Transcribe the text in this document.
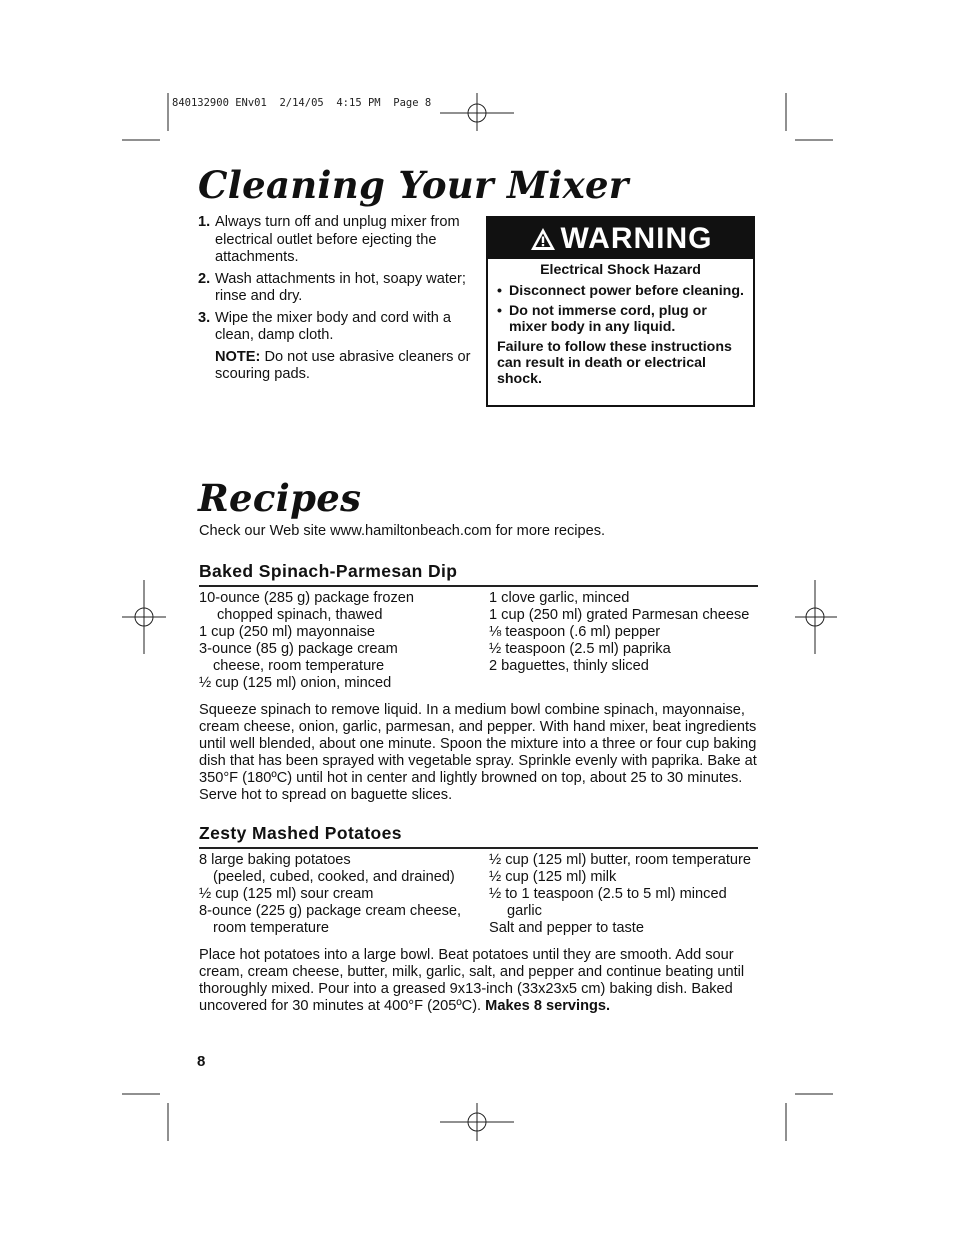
840132900 ENv01  2/14/05  4:15 PM  Page 8
Cleaning Your Mixer
1. Always turn off and unplug mixer from electrical outlet before ejecting the attachments.
2. Wash attachments in hot, soapy water; rinse and dry.
3. Wipe the mixer body and cord with a clean, damp cloth.
NOTE: Do not use abrasive cleaners or scouring pads.
WARNING
Electrical Shock Hazard
• Disconnect power before cleaning.
• Do not immerse cord, plug or mixer body in any liquid.
Failure to follow these instructions can result in death or electrical shock.
Recipes
Check our Web site www.hamiltonbeach.com for more recipes.
Baked Spinach-Parmesan Dip
10-ounce (285 g) package frozen
chopped spinach, thawed
1 cup (250 ml) mayonnaise
3-ounce (85 g) package cream
cheese, room temperature
½ cup (125 ml) onion, minced
1 clove garlic, minced
1 cup (250 ml) grated Parmesan cheese
⅛ teaspoon (.6 ml) pepper
½ teaspoon (2.5 ml) paprika
2 baguettes, thinly sliced
Squeeze spinach to remove liquid. In a medium bowl combine spinach, mayonnaise, cream cheese, onion, garlic, parmesan, and pepper. With hand mixer, beat ingredients until well blended, about one minute. Spoon the mixture into a three or four cup baking dish that has been sprayed with vegetable spray. Sprinkle evenly with paprika. Bake at 350°F (180ºC) until hot in center and lightly browned on top, about 25 to 30 minutes. Serve hot to spread on baguette slices.
Zesty Mashed Potatoes
8 large baking potatoes
(peeled, cubed, cooked, and drained)
½ cup (125 ml) sour cream
8-ounce (225 g) package cream cheese,
room temperature
½ cup (125 ml) butter, room temperature
½ cup (125 ml) milk
½ to 1 teaspoon (2.5 to 5 ml) minced
garlic
Salt and pepper to taste
Place hot potatoes into a large bowl. Beat potatoes until they are smooth. Add sour cream, cream cheese, butter, milk, garlic, salt, and pepper and continue beating until thoroughly mixed. Pour into a greased 9x13-inch (33x23x5 cm) baking dish. Baked uncovered for 30 minutes at 400°F (205ºC). Makes 8 servings.
8
